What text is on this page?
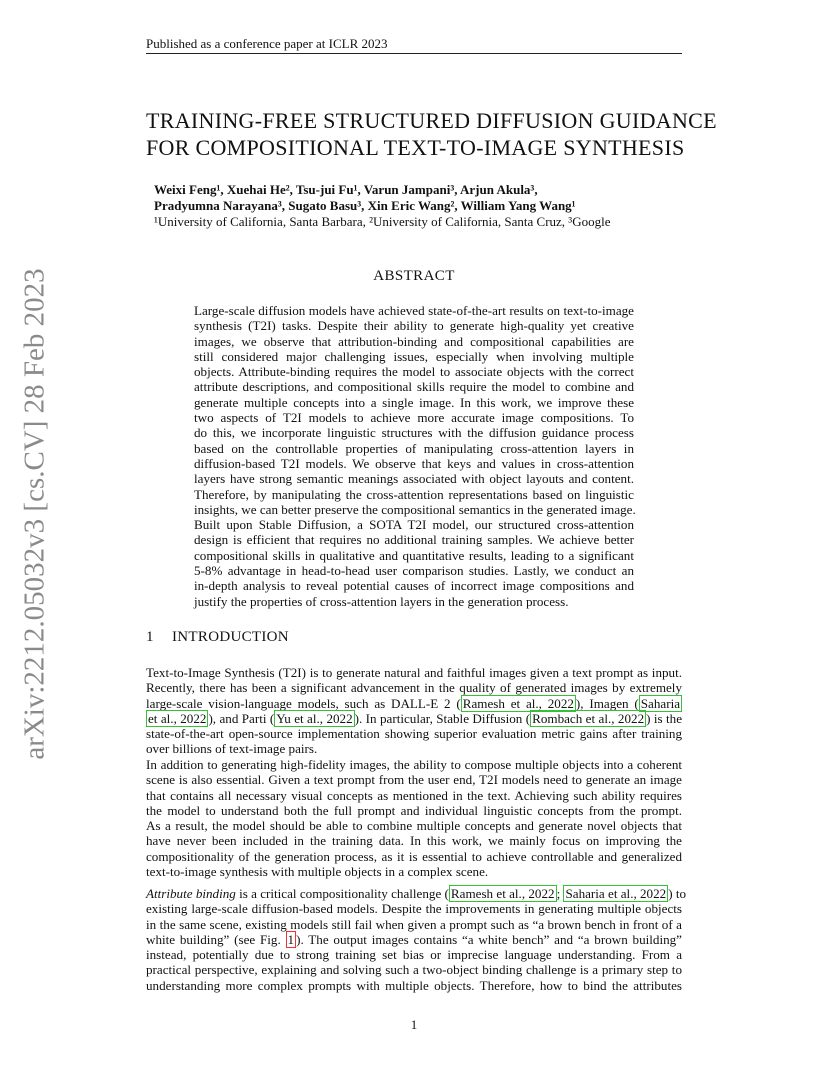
Published as a conference paper at ICLR 2023
TRAINING-FREE STRUCTURED DIFFUSION GUIDANCE
FOR COMPOSITIONAL TEXT-TO-IMAGE SYNTHESIS
Weixi Feng¹, Xuehai He², Tsu-jui Fu¹, Varun Jampani³, Arjun Akula³,
Pradyumna Narayana³, Sugato Basu³, Xin Eric Wang², William Yang Wang¹
¹University of California, Santa Barbara, ²University of California, Santa Cruz, ³Google
ABSTRACT
Large-scale diffusion models have achieved state-of-the-art results on text-to-image
synthesis (T2I) tasks. Despite their ability to generate high-quality yet creative
images, we observe that attribution-binding and compositional capabilities are
still considered major challenging issues, especially when involving multiple
objects. Attribute-binding requires the model to associate objects with the correct
attribute descriptions, and compositional skills require the model to combine and
generate multiple concepts into a single image. In this work, we improve these
two aspects of T2I models to achieve more accurate image compositions. To
do this, we incorporate linguistic structures with the diffusion guidance process
based on the controllable properties of manipulating cross-attention layers in
diffusion-based T2I models. We observe that keys and values in cross-attention
layers have strong semantic meanings associated with object layouts and content.
Therefore, by manipulating the cross-attention representations based on linguistic
insights, we can better preserve the compositional semantics in the generated image.
Built upon Stable Diffusion, a SOTA T2I model, our structured cross-attention
design is efficient that requires no additional training samples. We achieve better
compositional skills in qualitative and quantitative results, leading to a significant
5-8% advantage in head-to-head user comparison studies. Lastly, we conduct an
in-depth analysis to reveal potential causes of incorrect image compositions and
justify the properties of cross-attention layers in the generation process.
1 INTRODUCTION
Text-to-Image Synthesis (T2I) is to generate natural and faithful images given a text prompt as input.
Recently, there has been a significant advancement in the quality of generated images by extremely
large-scale vision-language models, such as DALL-E 2 ( Ramesh et al., 2022 ), Imagen ( Saharia
et al., 2022 ), and Parti ( Yu et al., 2022 ). In particular, Stable Diffusion ( Rombach et al., 2022 ) is the
state-of-the-art open-source implementation showing superior evaluation metric gains after training
over billions of text-image pairs.
In addition to generating high-fidelity images, the ability to compose multiple objects into a coherent
scene is also essential. Given a text prompt from the user end, T2I models need to generate an image
that contains all necessary visual concepts as mentioned in the text. Achieving such ability requires
the model to understand both the full prompt and individual linguistic concepts from the prompt.
As a result, the model should be able to combine multiple concepts and generate novel objects that
have never been included in the training data. In this work, we mainly focus on improving the
compositionality of the generation process, as it is essential to achieve controllable and generalized
text-to-image synthesis with multiple objects in a complex scene.
Attribute binding is a critical compositionality challenge ( Ramesh et al., 2022 ; Saharia et al., 2022 ) to
existing large-scale diffusion-based models. Despite the improvements in generating multiple objects
in the same scene, existing models still fail when given a prompt such as “a brown bench in front of a
white building” (see Fig. 1 ). The output images contains “a white bench” and “a brown building”
instead, potentially due to strong training set bias or imprecise language understanding. From a
practical perspective, explaining and solving such a two-object binding challenge is a primary step to
understanding more complex prompts with multiple objects. Therefore, how to bind the attributes
arXiv:2212.05032v3 [cs.CV] 28 Feb 2023
1
